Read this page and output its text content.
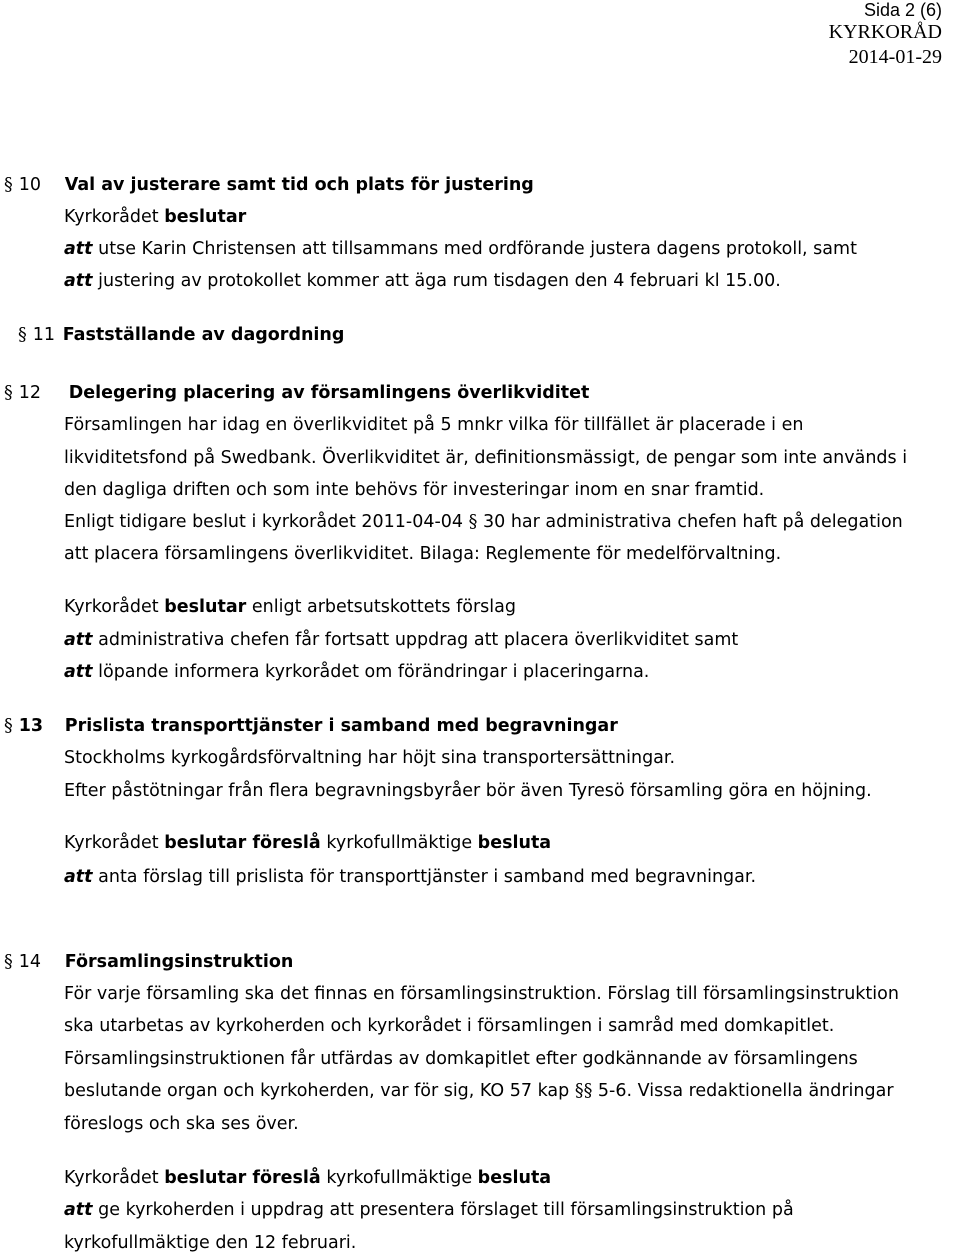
Sida 2 (6)
KYRKORÅD
2014-01-29
§ 10 Val av justerare samt tid och plats för justering
Kyrkorådet beslutar
att utse Karin Christensen att tillsammans med ordförande justera dagens protokoll, samt
att justering av protokollet kommer att äga rum tisdagen den 4 februari kl 15.00.
§ 11 Fastställande av dagordning
§ 12 Delegering placering av församlingens överlikviditet
Församlingen har idag en överlikviditet på 5 mnkr vilka för tillfället är placerade i en
likviditetsfond på Swedbank. Överlikviditet är, definitionsmässigt, de pengar som inte används i
den dagliga driften och som inte behövs för investeringar inom en snar framtid.
Enligt tidigare beslut i kyrkorådet 2011-04-04 § 30 har administrativa chefen haft på delegation
att placera församlingens överlikviditet. Bilaga: Reglemente för medelförvaltning.
Kyrkorådet beslutar enligt arbetsutskottets förslag
att administrativa chefen får fortsatt uppdrag att placera överlikviditet samt
att löpande informera kyrkorådet om förändringar i placeringarna.
§ 13 Prislista transporttjänster i samband med begravningar
Stockholms kyrkogårdsförvaltning har höjt sina transportersättningar.
Efter påstötningar från flera begravningsbyråer bör även Tyresö församling göra en höjning.
Kyrkorådet beslutar föreslå kyrkofullmäktige besluta
att anta förslag till prislista för transporttjänster i samband med begravningar.
§ 14 Församlingsinstruktion
För varje församling ska det finnas en församlingsinstruktion. Förslag till församlingsinstruktion
ska utarbetas av kyrkoherden och kyrkorådet i församlingen i samråd med domkapitlet.
Församlingsinstruktionen får utfärdas av domkapitlet efter godkännande av församlingens
beslutande organ och kyrkoherden, var för sig, KO 57 kap §§ 5-6. Vissa redaktionella ändringar
föreslogs och ska ses över.
Kyrkorådet beslutar föreslå kyrkofullmäktige besluta
att ge kyrkoherden i uppdrag att presentera förslaget till församlingsinstruktion på
kyrkofullmäktige den 12 februari.
